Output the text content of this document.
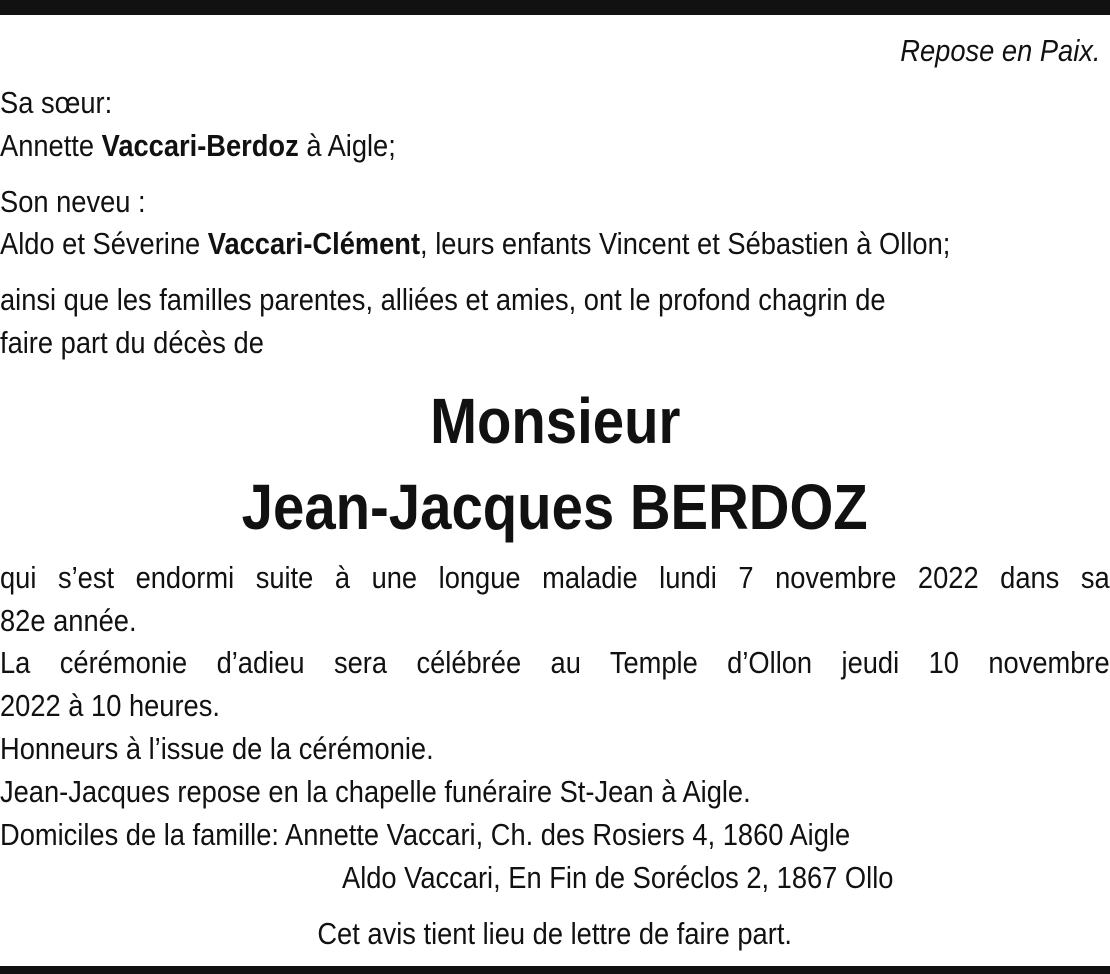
Repose en Paix.
Sa sœur:
Annette Vaccari-Berdoz à Aigle;
Son neveu :
Aldo et Séverine Vaccari-Clément, leurs enfants Vincent et Sébastien à Ollon;
ainsi que les familles parentes, alliées et amies, ont le profond chagrin de
faire part du décès de
Monsieur
Jean-Jacques BERDOZ
qui s’est endormi suite à une longue maladie lundi 7 novembre 2022 dans sa
82e année.
La cérémonie d’adieu sera célébrée au Temple d’Ollon jeudi 10 novembre
2022 à 10 heures.
Honneurs à l’issue de la cérémonie.
Jean-Jacques repose en la chapelle funéraire St-Jean à Aigle.
Domiciles de la famille: Annette Vaccari, Ch. des Rosiers 4, 1860 Aigle
Aldo Vaccari, En Fin de Soréclos 2, 1867 Ollo
Cet avis tient lieu de lettre de faire part.
